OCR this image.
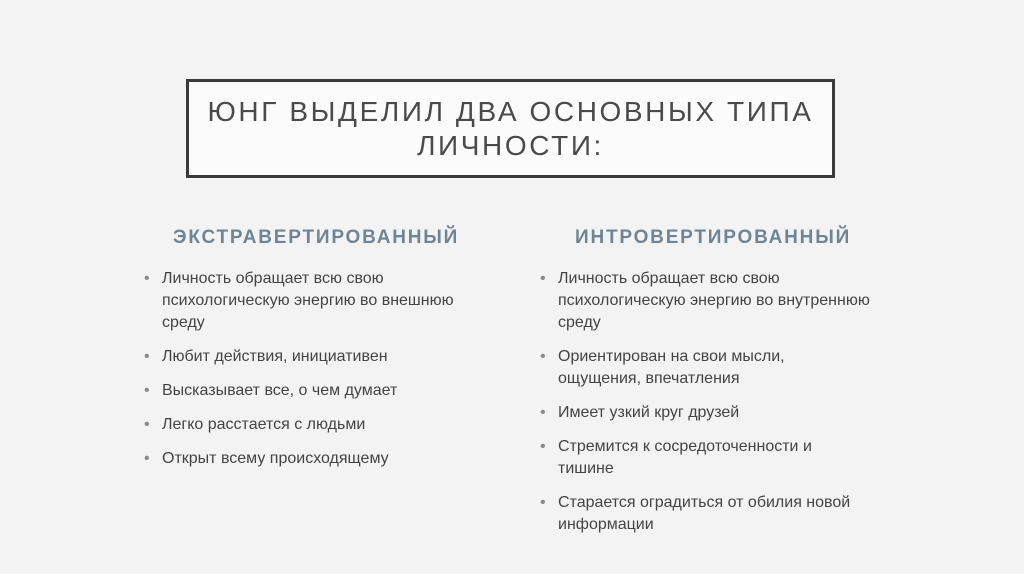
ЮНГ ВЫДЕЛИЛ ДВА ОСНОВНЫХ ТИПА ЛИЧНОСТИ:
ЭКСТРАВЕРТИРОВАННЫЙ	ИНТРОВЕРТИРОВАННЫЙ
• Личность обращает всю свою психологическую энергию во внешнюю среду
• Любит действия, инициативен
• Высказывает все, о чем думает
• Легко расстается с людьми
• Открыт всему происходящему
• Личность обращает всю свою психологическую энергию во внутреннюю среду
• Ориентирован на свои мысли, ощущения, впечатления
• Имеет узкий круг друзей
• Стремится к сосредоточенности и тишине
• Старается оградиться от обилия новой информации
